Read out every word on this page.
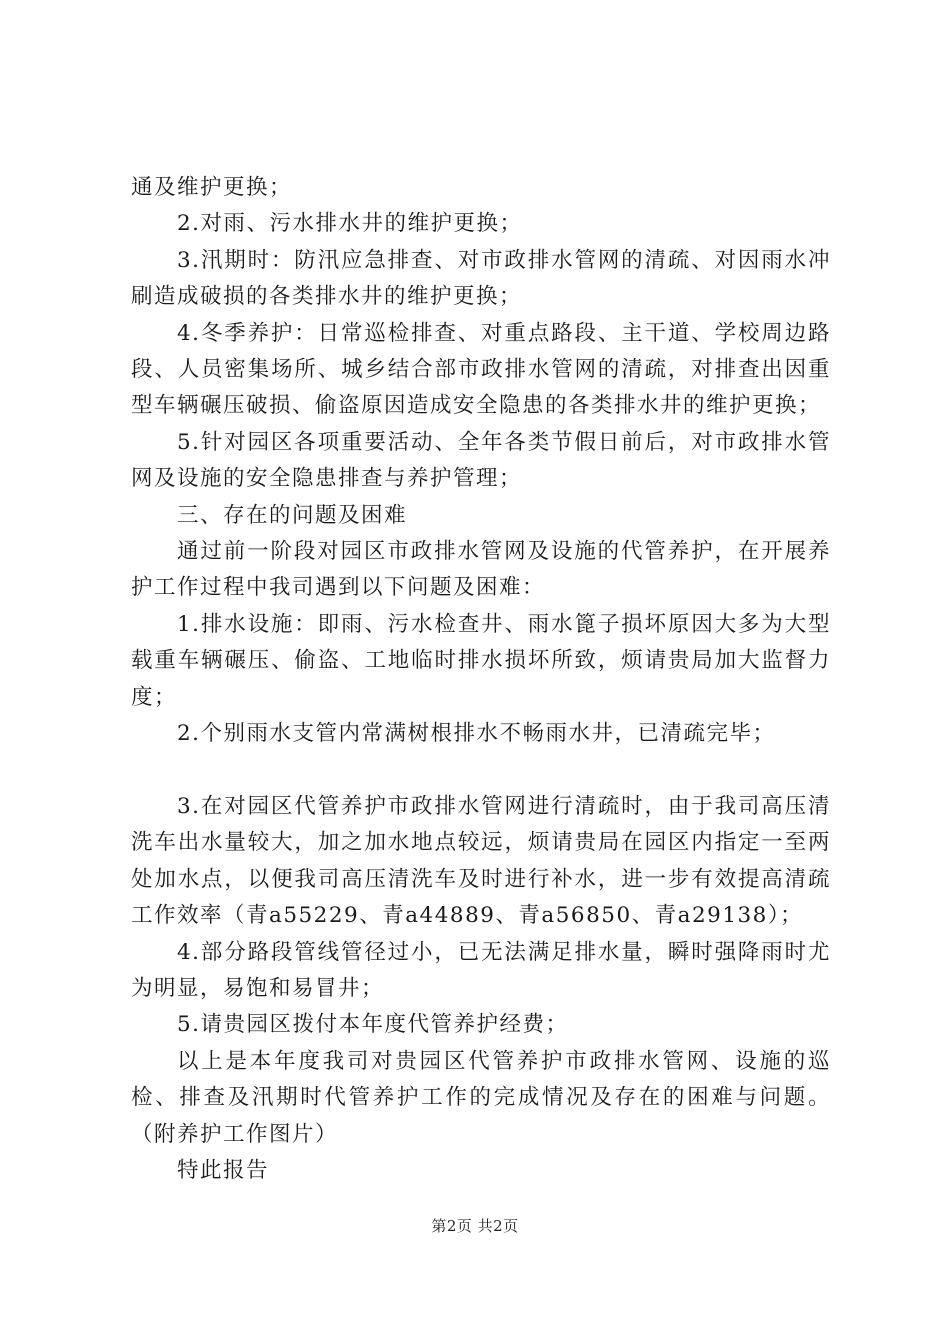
通及维护更换；

2.对雨、污水排水井的维护更换；

3.汛期时：防汛应急排查、对市政排水管网的清疏、对因雨水冲刷造成破损的各类排水井的维护更换；

4.冬季养护：日常巡检排查、对重点路段、主干道、学校周边路段、人员密集场所、城乡结合部市政排水管网的清疏，对排查出因重型车辆碾压破损、偷盗原因造成安全隐患的各类排水井的维护更换；

5.针对园区各项重要活动、全年各类节假日前后，对市政排水管网及设施的安全隐患排查与养护管理；

三、存在的问题及困难

通过前一阶段对园区市政排水管网及设施的代管养护，在开展养护工作过程中我司遇到以下问题及困难：

1.排水设施：即雨、污水检查井、雨水篦子损坏原因大多为大型载重车辆碾压、偷盗、工地临时排水损坏所致，烦请贵局加大监督力度；

2.个别雨水支管内常满树根排水不畅雨水井，已清疏完毕；

3.在对园区代管养护市政排水管网进行清疏时，由于我司高压清洗车出水量较大，加之加水地点较远，烦请贵局在园区内指定一至两处加水点，以便我司高压清洗车及时进行补水，进一步有效提高清疏工作效率（青a55229、青a44889、青a56850、青a29138）；

4.部分路段管线管径过小，已无法满足排水量，瞬时强降雨时尤为明显，易饱和易冒井；

5.请贵园区拨付本年度代管养护经费；

以上是本年度我司对贵园区代管养护市政排水管网、设施的巡检、排查及汛期时代管养护工作的完成情况及存在的困难与问题。（附养护工作图片）

特此报告

第2页 共2页
